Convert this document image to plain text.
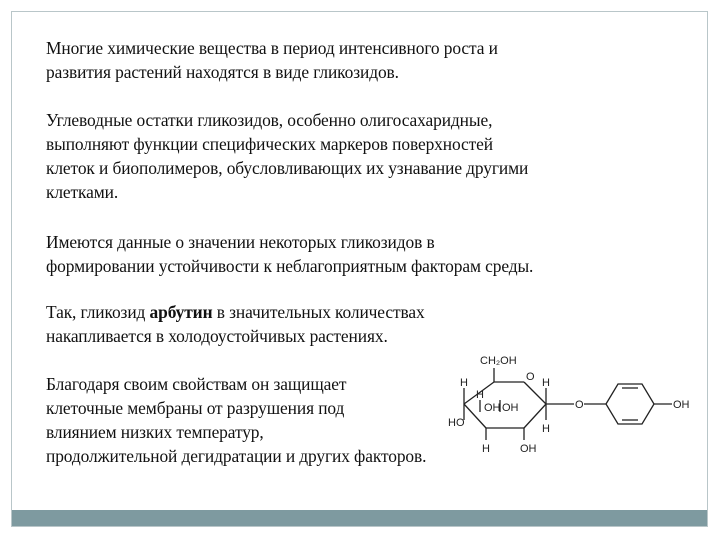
Многие химические вещества в период интенсивного роста и
развития растений находятся в виде гликозидов.

Углеводные остатки гликозидов, особенно олигосахаридные,
выполняют функции специфических маркеров поверхностей
клеток и биополимеров, обусловливающих их узнавание другими
клетками.

Имеются данные о значении некоторых гликозидов в
формировании устойчивости к неблагоприятным факторам среды.

Так, гликозид арбутин в значительных количествах
накапливается в холодоустойчивых растениях.

Благодаря своим свойствам он защищает
клеточные мембраны от разрушения под
влиянием низких температур,
продолжительной дегидратации и других факторов.

CH₂OH
O
H
H
OH
HO
OH
H	OH
H
H
O	OH
